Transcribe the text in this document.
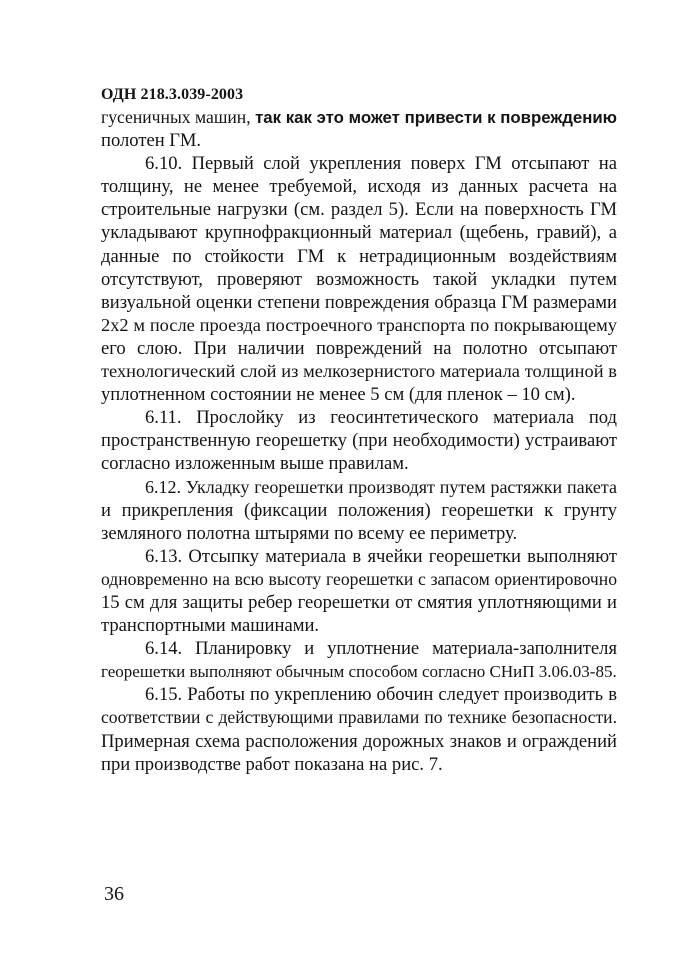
ОДН 218.3.039-2003
гусеничных машин, так как это может привести к повреждению
полотен ГМ.
6.10. Первый слой укрепления поверх ГМ отсыпают на
толщину, не менее требуемой, исходя из данных расчета на
строительные нагрузки (см. раздел 5). Если на поверхность ГМ
укладывают крупнофракционный материал (щебень, гравий), а
данные по стойкости ГМ к нетрадиционным воздействиям
отсутствуют, проверяют возможность такой укладки путем
визуальной оценки степени повреждения образца ГМ размерами
2x2 м после проезда построечного транспорта по покрывающему
его слою. При наличии повреждений на полотно отсыпают
технологический слой из мелкозернистого материала толщиной в
уплотненном состоянии не менее 5 см (для пленок – 10 см).
6.11. Прослойку из геосинтетического материала под
пространственную георешетку (при необходимости) устраивают
согласно изложенным выше правилам.
6.12. Укладку георешетки производят путем растяжки пакета
и прикрепления (фиксации положения) георешетки к грунту
земляного полотна штырями по всему ее периметру.
6.13. Отсыпку материала в ячейки георешетки выполняют
одновременно на всю высоту георешетки с запасом ориентировочно
15 см для защиты ребер георешетки от смятия уплотняющими и
транспортными машинами.
6.14. Планировку и уплотнение материала-заполнителя
георешетки выполняют обычным способом согласно СНиП 3.06.03-85.
6.15. Работы по укреплению обочин следует производить в
соответствии с действующими правилами по технике безопасности.
Примерная схема расположения дорожных знаков и ограждений
при производстве работ показана на рис. 7.
36
